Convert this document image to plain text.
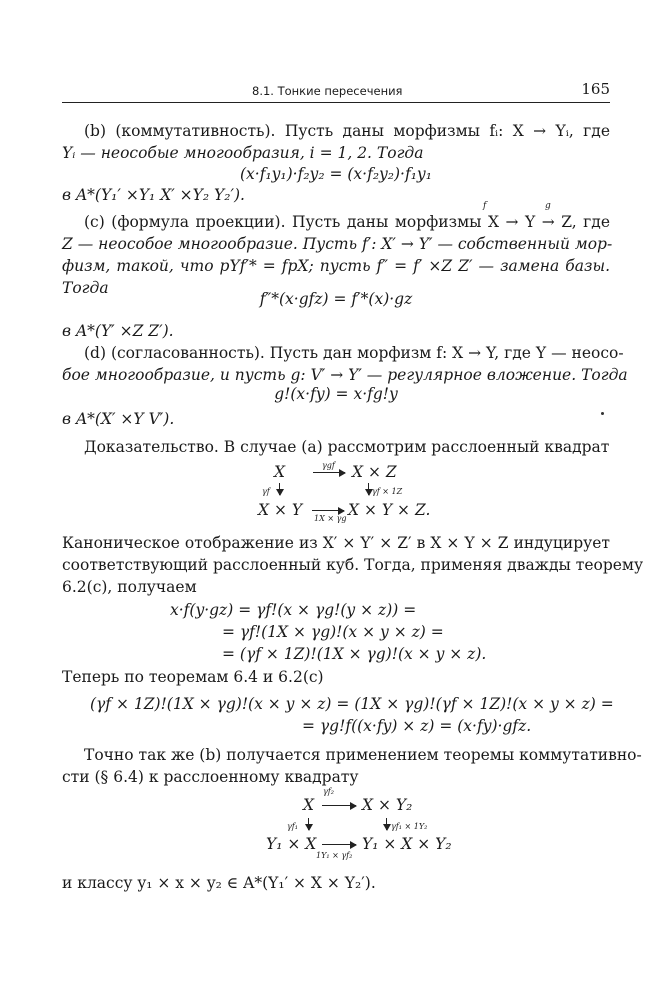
8.1. Тонкие пересечения	165
(b) (коммутативность). Пусть даны морфизмы fᵢ: X → Yᵢ, где
Yᵢ — неособые многообразия, i = 1, 2. Тогда
(x·f₁y₁)·f₂y₂ = (x·f₂y₂)·f₁y₁
в A*(Y₁′ ×Y₁ X′ ×Y₂ Y₂′).
f	g
(c) (формула проекции). Пусть даны морфизмы X → Y → Z, где
Z — неособое многообразие. Пусть f′: X′ → Y′ — собственный мор-
физм, такой, что pYf′* = fpX; пусть f″ = f′ ×Z Z′ — замена базы.
Тогда
f″*(x·gfz) = f′*(x)·gz
в A*(Y′ ×Z Z′).
(d) (согласованность). Пусть дан морфизм f: X → Y, где Y — неосо-
бое многообразие, и пусть g: V′ → Y′ — регулярное вложение. Тогда
g!(x·fy) = x·fg!y
в A*(X′ ×Y V′).
Доказательство. В случае (а) рассмотрим расслоенный квадрат
X	X × Z
X × Y	X × Y × Z.
γgf
γf	γf × 1Z
1X × γg
Каноническое отображение из X′ × Y′ × Z′ в X × Y × Z индуцирует
соответствующий расслоенный куб. Тогда, применяя дважды теорему
6.2(c), получаем
x·f(y·gz) = γf!(x × γg!(y × z)) =
= γf!(1X × γg)!(x × y × z) =
= (γf × 1Z)!(1X × γg)!(x × y × z).
Теперь по теоремам 6.4 и 6.2(c)
(γf × 1Z)!(1X × γg)!(x × y × z) = (1X × γg)!(γf × 1Z)!(x × y × z) =
= γg!f((x·fy) × z) = (x·fy)·gfz.
Точно так же (b) получается применением теоремы коммутативно-
сти (§ 6.4) к расслоенному квадрату
γf₂
X	X × Y₂
γf₁	γf₁ × 1Y₂
Y₁ × X	Y₁ × X × Y₂
1Y₁ × γf₂
и классу y₁ × x × y₂ ∈ A*(Y₁′ × X × Y₂′).
